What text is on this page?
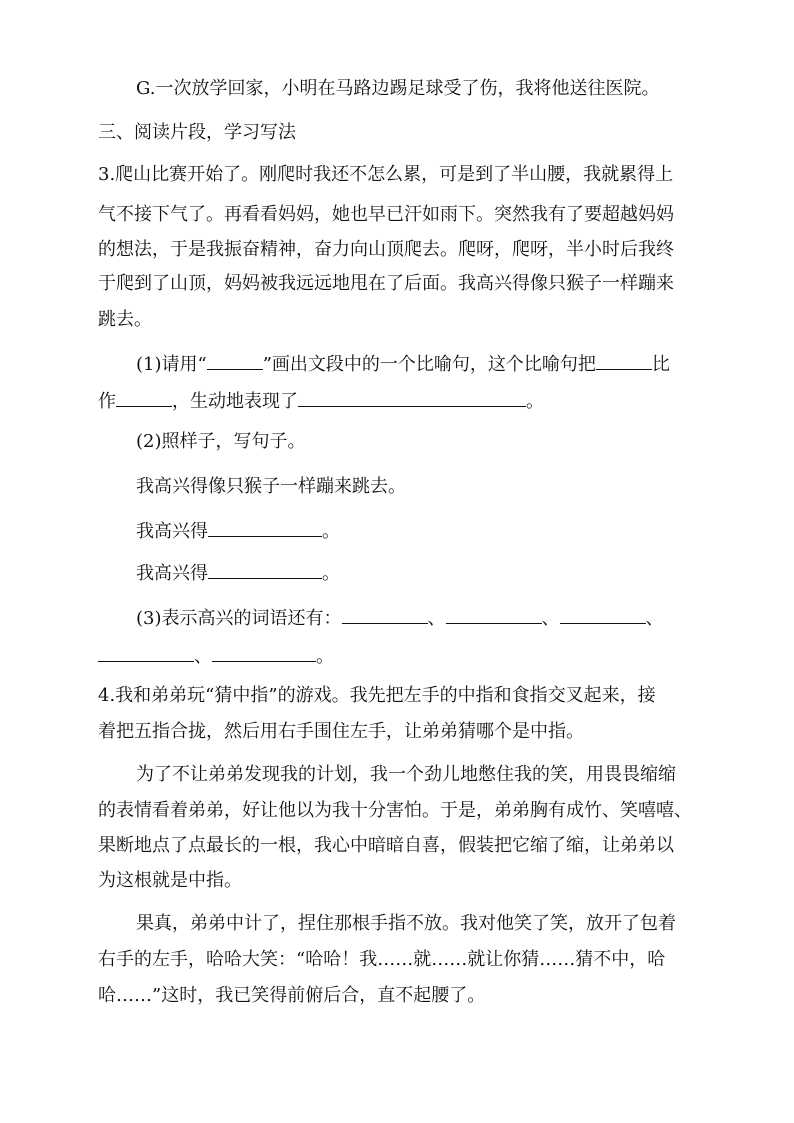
G.一次放学回家，小明在马路边踢足球受了伤，我将他送往医院。
三、阅读片段，学习写法
3.爬山比赛开始了。刚爬时我还不怎么累，可是到了半山腰，我就累得上
气不接下气了。再看看妈妈，她也早已汗如雨下。突然我有了要超越妈妈
的想法，于是我振奋精神，奋力向山顶爬去。爬呀，爬呀，半小时后我终
于爬到了山顶，妈妈被我远远地甩在了后面。我高兴得像只猴子一样蹦来
跳去。
(1)请用“	”画出文段中的一个比喻句，这个比喻句把	比
作	，生动地表现了	。
(2)照样子，写句子。
我高兴得像只猴子一样蹦来跳去。
我高兴得	。
我高兴得	。
(3)表示高兴的词语还有：	、	、	、
、	。
4.我和弟弟玩“猜中指”的游戏。我先把左手的中指和食指交叉起来，接
着把五指合拢，然后用右手围住左手，让弟弟猜哪个是中指。
为了不让弟弟发现我的计划，我一个劲儿地憋住我的笑，用畏畏缩缩
的表情看着弟弟，好让他以为我十分害怕。于是，弟弟胸有成竹、笑嘻嘻、
果断地点了点最长的一根，我心中暗暗自喜，假装把它缩了缩，让弟弟以
为这根就是中指。
果真，弟弟中计了，捏住那根手指不放。我对他笑了笑，放开了包着
右手的左手，哈哈大笑：“哈哈！我……就……就让你猜……猜不中，哈
哈……”这时，我已笑得前俯后合，直不起腰了。
